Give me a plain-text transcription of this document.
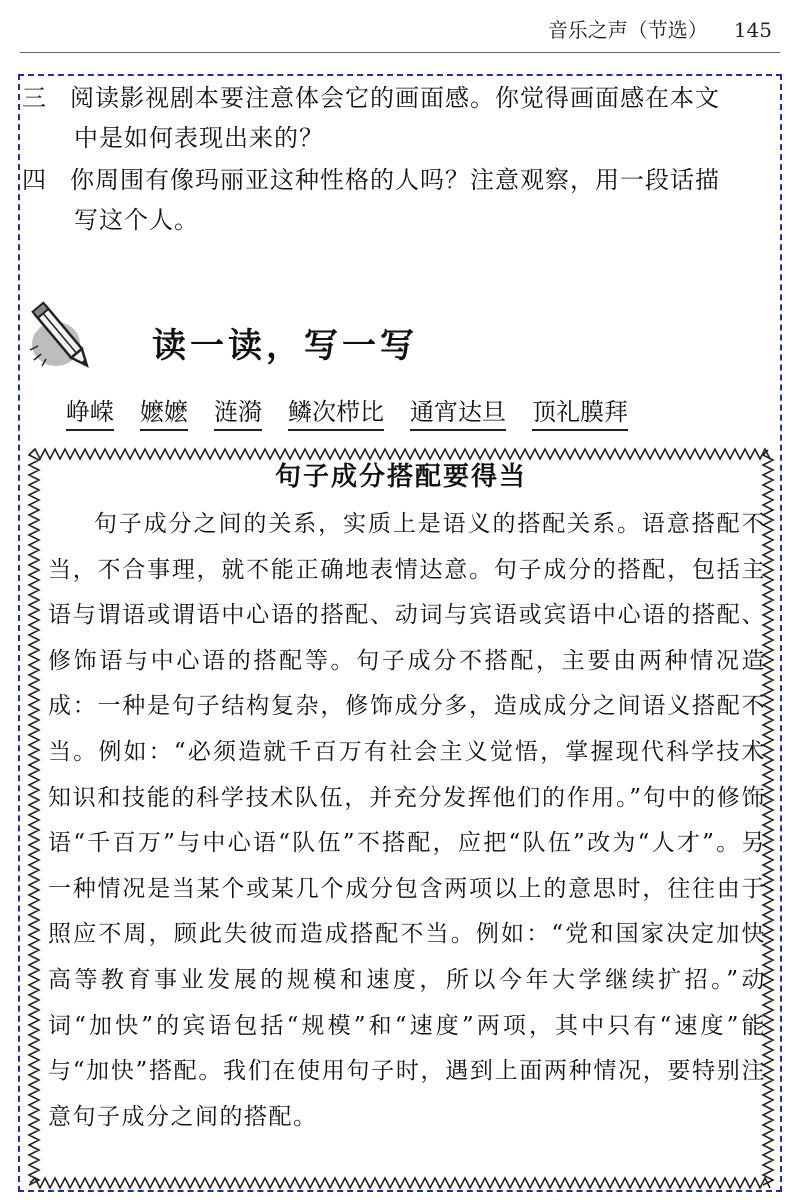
音乐之声（节选） 145
三 阅读影视剧本要注意体会它的画面感。你觉得画面感在本文
中是如何表现出来的？
四 你周围有像玛丽亚这种性格的人吗？注意观察，用一段话描
写这个人。
读一读，写一写
峥嵘 嬷嬷 涟漪 鳞次栉比 通宵达旦 顶礼膜拜
句子成分搭配要得当
句子成分之间的关系，实质上是语义的搭配关系。语意搭配不当，不合事理，就不能正确地表情达意。句子成分的搭配，包括主语与谓语或谓语中心语的搭配、动词与宾语或宾语中心语的搭配、修饰语与中心语的搭配等。句子成分不搭配，主要由两种情况造成：一种是句子结构复杂，修饰成分多，造成成分之间语义搭配不当。例如：“必须造就千百万有社会主义觉悟，掌握现代科学技术知识和技能的科学技术队伍，并充分发挥他们的作用。”句中的修饰语“千百万”与中心语“队伍”不搭配，应把“队伍”改为“人才”。另一种情况是当某个或某几个成分包含两项以上的意思时，往往由于照应不周，顾此失彼而造成搭配不当。例如：“党和国家决定加快高等教育事业发展的规模和速度，所以今年大学继续扩招。”动词“加快”的宾语包括“规模”和“速度”两项，其中只有“速度”能与“加快”搭配。我们在使用句子时，遇到上面两种情况，要特别注意句子成分之间的搭配。
